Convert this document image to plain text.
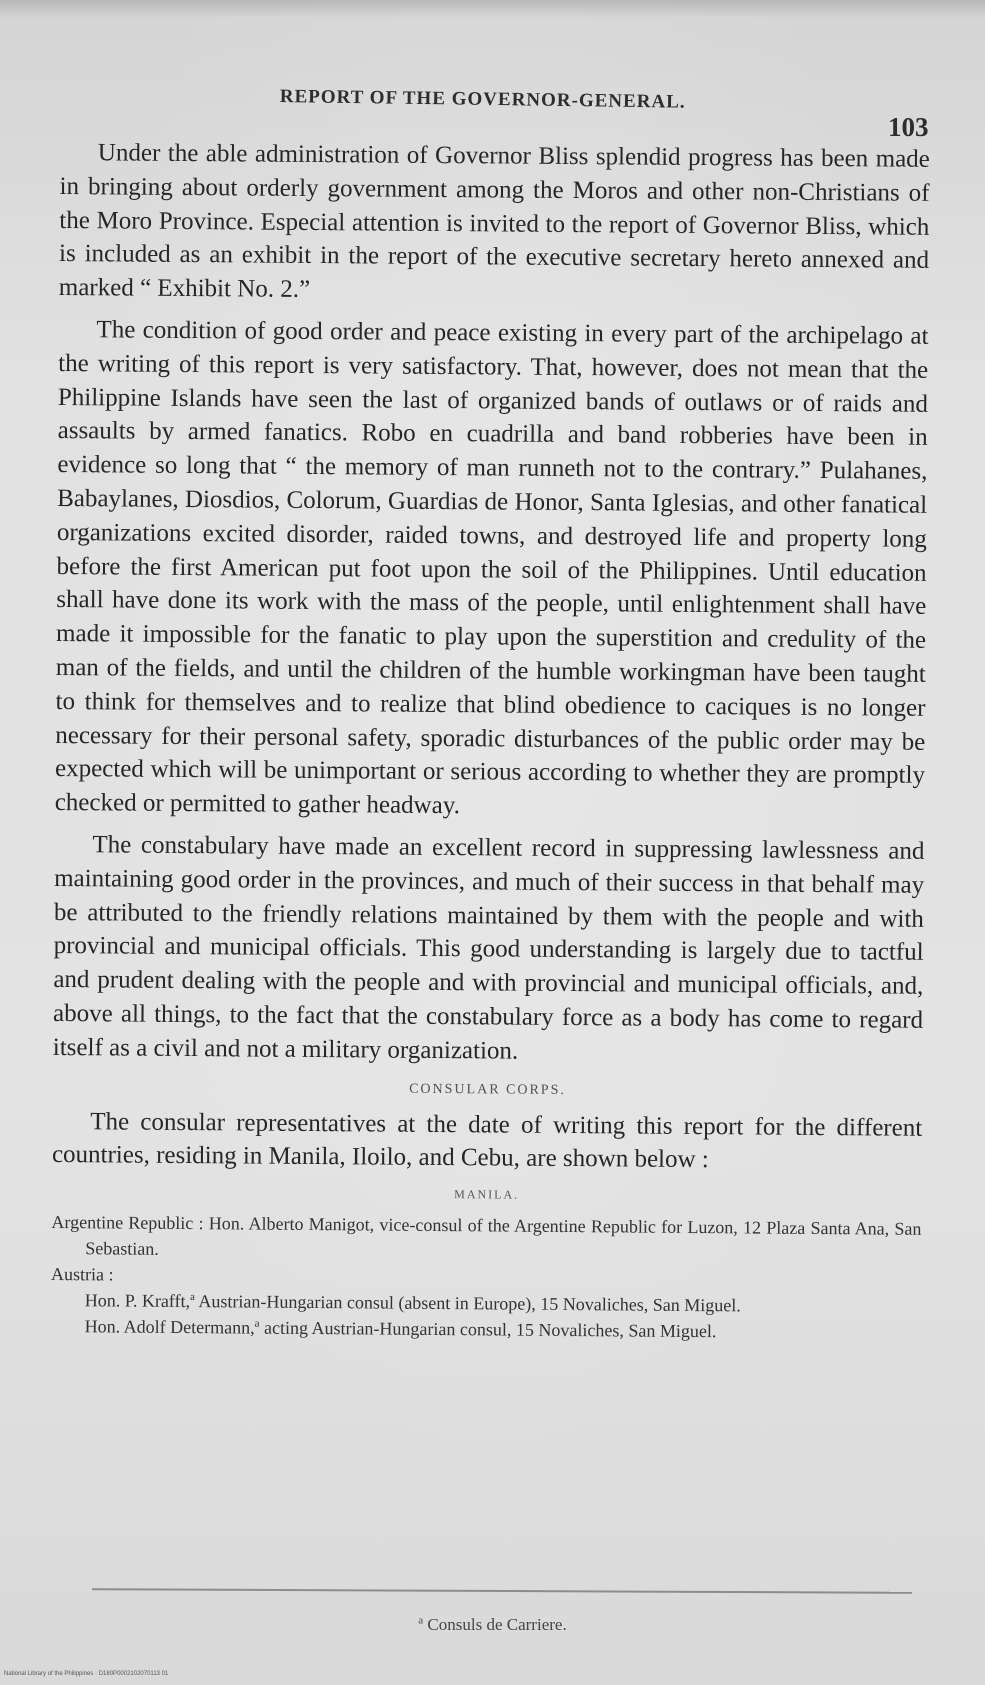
REPORT OF THE GOVERNOR-GENERAL.
103

Under the able administration of Governor Bliss splendid progress has been made in bringing about orderly government among the Moros and other non-Christians of the Moro Province. Especial attention is invited to the report of Governor Bliss, which is included as an exhibit in the report of the executive secretary hereto annexed and marked “ Exhibit No. 2.”

The condition of good order and peace existing in every part of the archipelago at the writing of this report is very satisfactory. That, however, does not mean that the Philippine Islands have seen the last of organized bands of outlaws or of raids and assaults by armed fanatics. Robo en cuadrilla and band robberies have been in evidence so long that “ the memory of man runneth not to the contrary.” Pulahanes, Babaylanes, Diosdios, Colorum, Guardias de Honor, Santa Iglesias, and other fanatical organizations excited disorder, raided towns, and destroyed life and property long before the first American put foot upon the soil of the Philippines. Until education shall have done its work with the mass of the people, until enlightenment shall have made it impossible for the fanatic to play upon the superstition and credulity of the man of the fields, and until the children of the humble workingman have been taught to think for themselves and to realize that blind obedience to caciques is no longer necessary for their personal safety, sporadic disturbances of the public order may be expected which will be unimportant or serious according to whether they are promptly checked or permitted to gather headway.

The constabulary have made an excellent record in suppressing lawlessness and maintaining good order in the provinces, and much of their success in that behalf may be attributed to the friendly relations maintained by them with the people and with provincial and municipal officials. This good understanding is largely due to tactful and prudent dealing with the people and with provincial and municipal officials, and, above all things, to the fact that the constabulary force as a body has come to regard itself as a civil and not a military organization.

CONSULAR CORPS.

The consular representatives at the date of writing this report for the different countries, residing in Manila, Iloilo, and Cebu, are shown below :

MANILA.

Argentine Republic : Hon. Alberto Manigot, vice-consul of the Argentine Republic for Luzon, 12 Plaza Santa Ana, San Sebastian.

Austria :

Hon. P. Krafft,$^a$ Austrian-Hungarian consul (absent in Europe), 15 Novaliches, San Miguel.

Hon. Adolf Determann,$^a$ acting Austrian-Hungarian consul, 15 Novaliches, San Miguel.

$^a$ Consuls de Carriere.
National Library of the Philippines · D180P0002102070113 01
